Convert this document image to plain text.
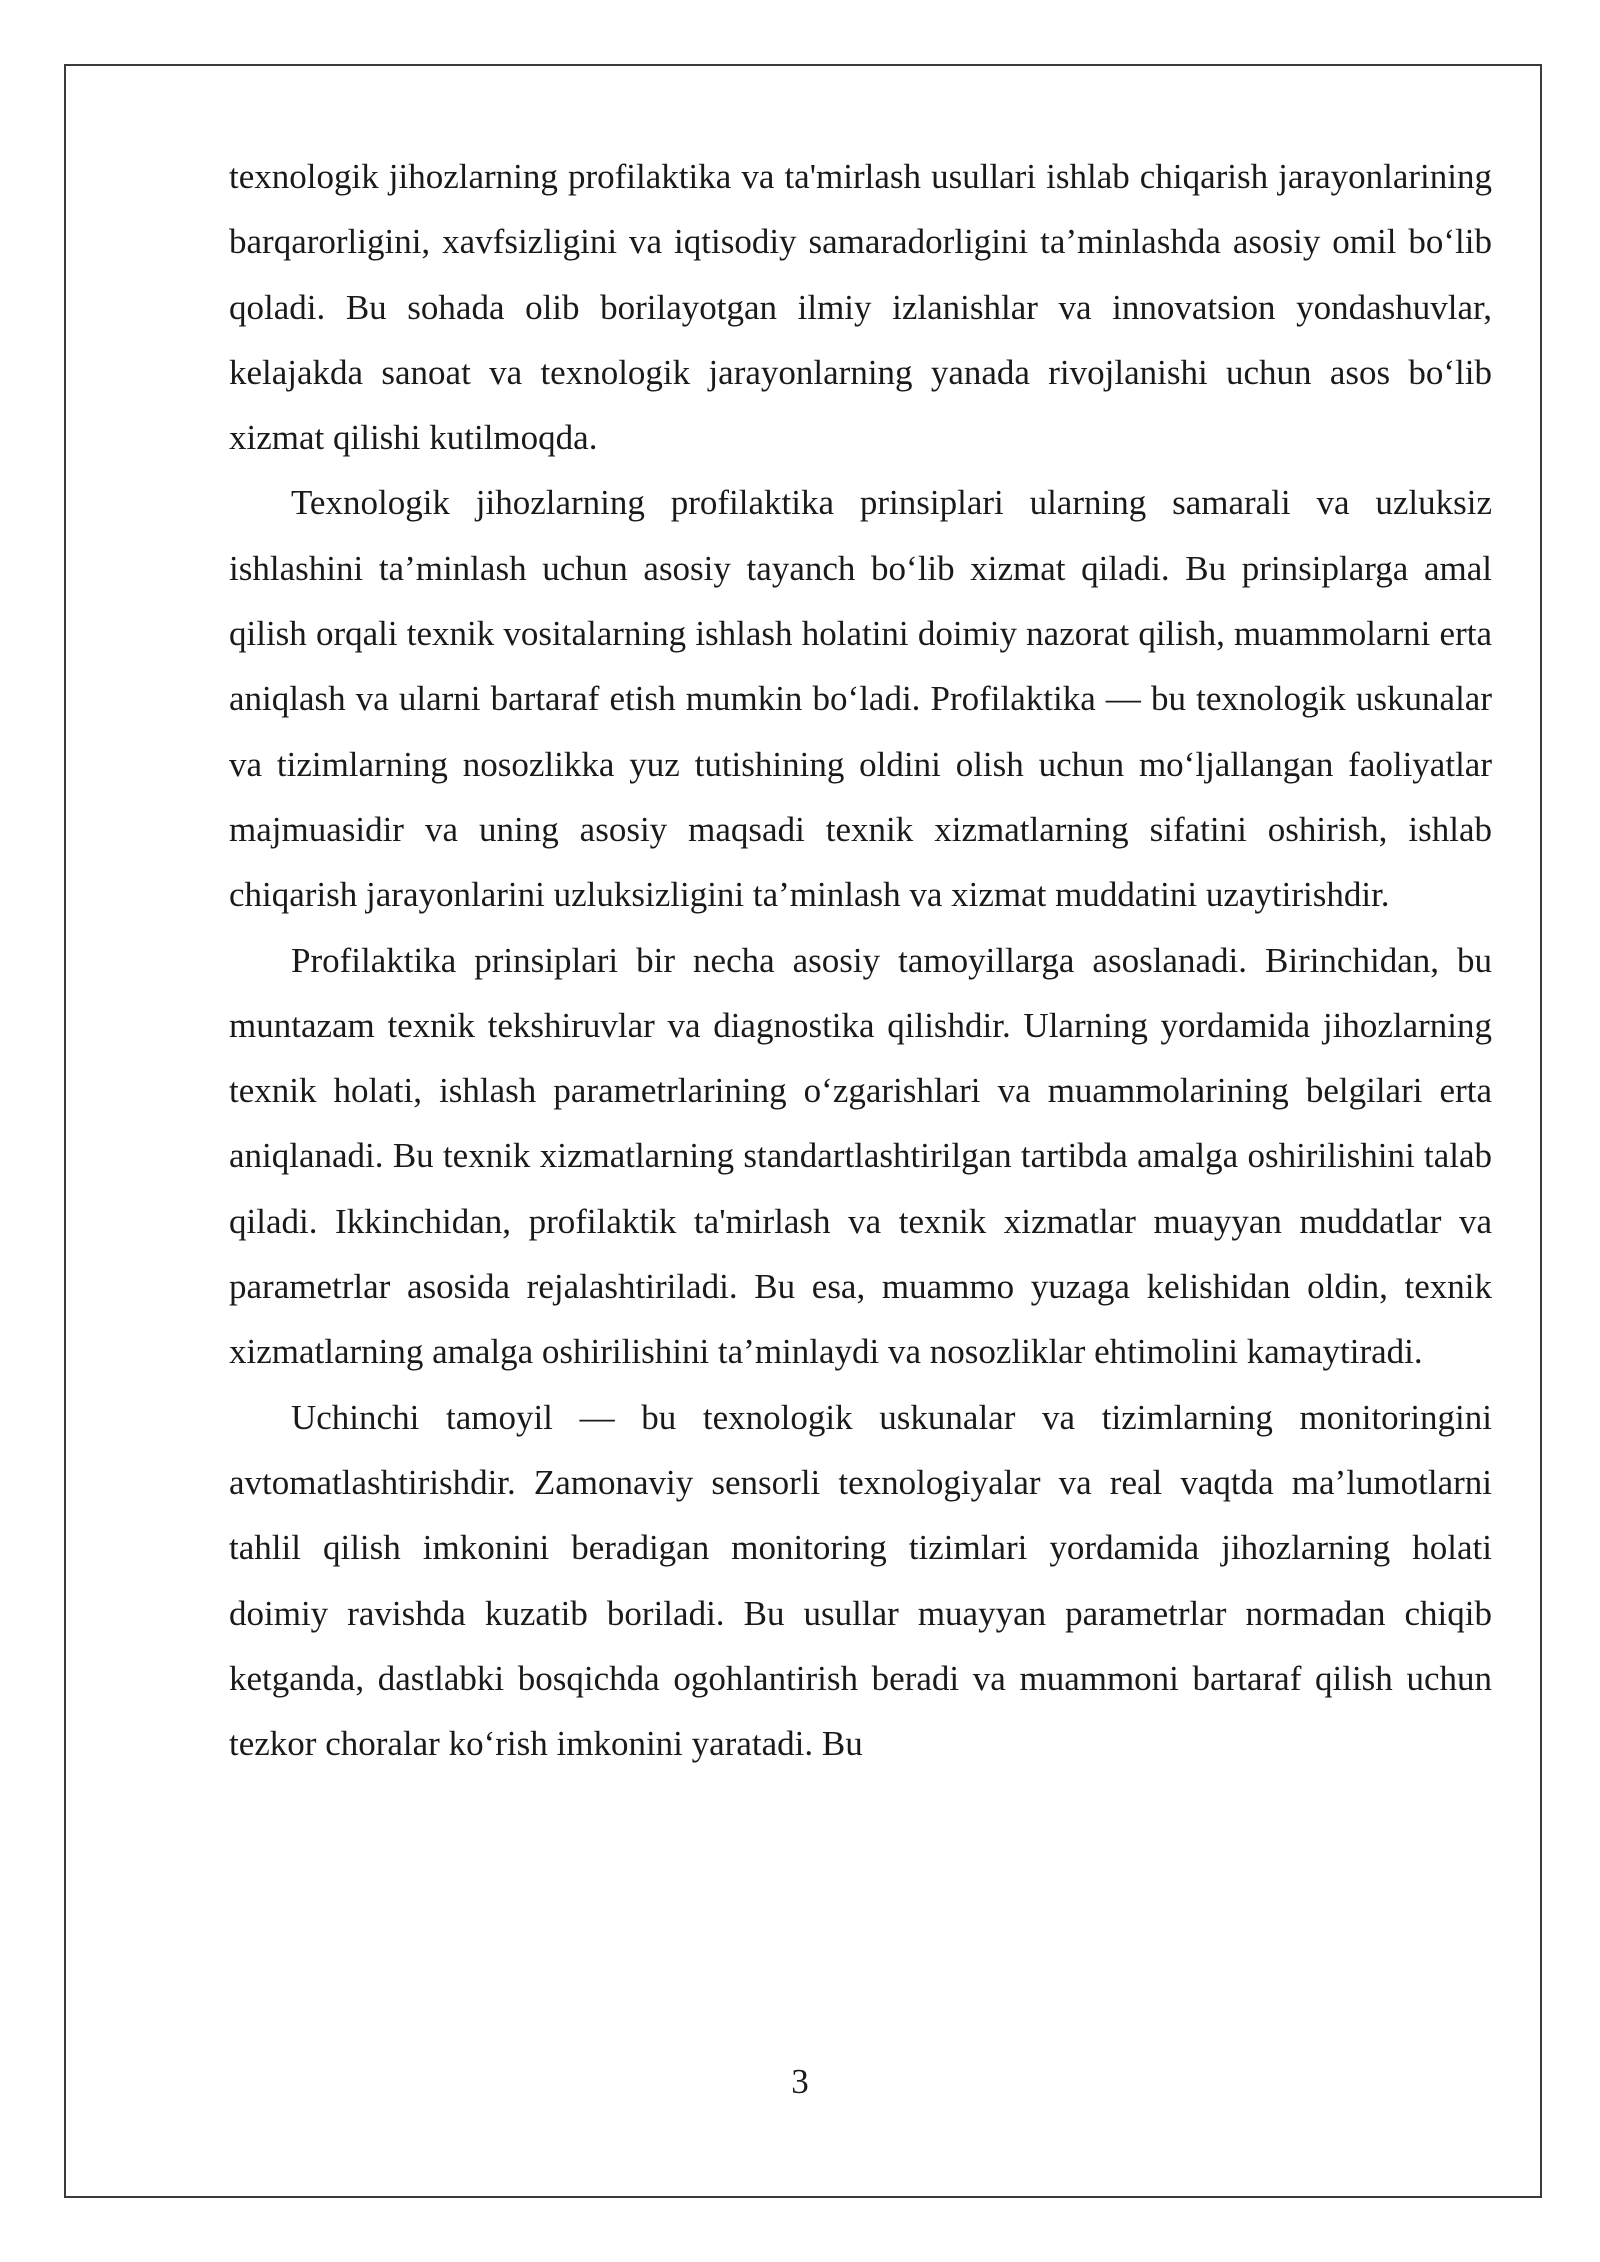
texnologik jihozlarning profilaktika va ta'mirlash usullari ishlab chiqarish jarayonlarining barqarorligini, xavfsizligini va iqtisodiy samaradorligini ta’minlashda asosiy omil boʻlib qoladi. Bu sohada olib borilayotgan ilmiy izlanishlar va innovatsion yondashuvlar, kelajakda sanoat va texnologik jarayonlarning yanada rivojlanishi uchun asos boʻlib xizmat qilishi kutilmoqda.

Texnologik jihozlarning profilaktika prinsiplari ularning samarali va uzluksiz ishlashini ta’minlash uchun asosiy tayanch boʻlib xizmat qiladi. Bu prinsiplarga amal qilish orqali texnik vositalarning ishlash holatini doimiy nazorat qilish, muammolarni erta aniqlash va ularni bartaraf etish mumkin boʻladi. Profilaktika — bu texnologik uskunalar va tizimlarning nosozlikka yuz tutishining oldini olish uchun moʻljallangan faoliyatlar majmuasidir va uning asosiy maqsadi texnik xizmatlarning sifatini oshirish, ishlab chiqarish jarayonlarini uzluksizligini ta’minlash va xizmat muddatini uzaytirishdir.

Profilaktika prinsiplari bir necha asosiy tamoyillarga asoslanadi. Birinchidan, bu muntazam texnik tekshiruvlar va diagnostika qilishdir. Ularning yordamida jihozlarning texnik holati, ishlash parametrlarining oʻzgarishlari va muammolarining belgilari erta aniqlanadi. Bu texnik xizmatlarning standartlashtirilgan tartibda amalga oshirilishini talab qiladi. Ikkinchidan, profilaktik ta'mirlash va texnik xizmatlar muayyan muddatlar va parametrlar asosida rejalashtiriladi. Bu esa, muammo yuzaga kelishidan oldin, texnik xizmatlarning amalga oshirilishini ta’minlaydi va nosozliklar ehtimolini kamaytiradi.

Uchinchi tamoyil — bu texnologik uskunalar va tizimlarning monitoringini avtomatlashtirishdir. Zamonaviy sensorli texnologiyalar va real vaqtda ma’lumotlarni tahlil qilish imkonini beradigan monitoring tizimlari yordamida jihozlarning holati doimiy ravishda kuzatib boriladi. Bu usullar muayyan parametrlar normadan chiqib ketganda, dastlabki bosqichda ogohlantirish beradi va muammoni bartaraf qilish uchun tezkor choralar koʻrish imkonini yaratadi. Bu

3
